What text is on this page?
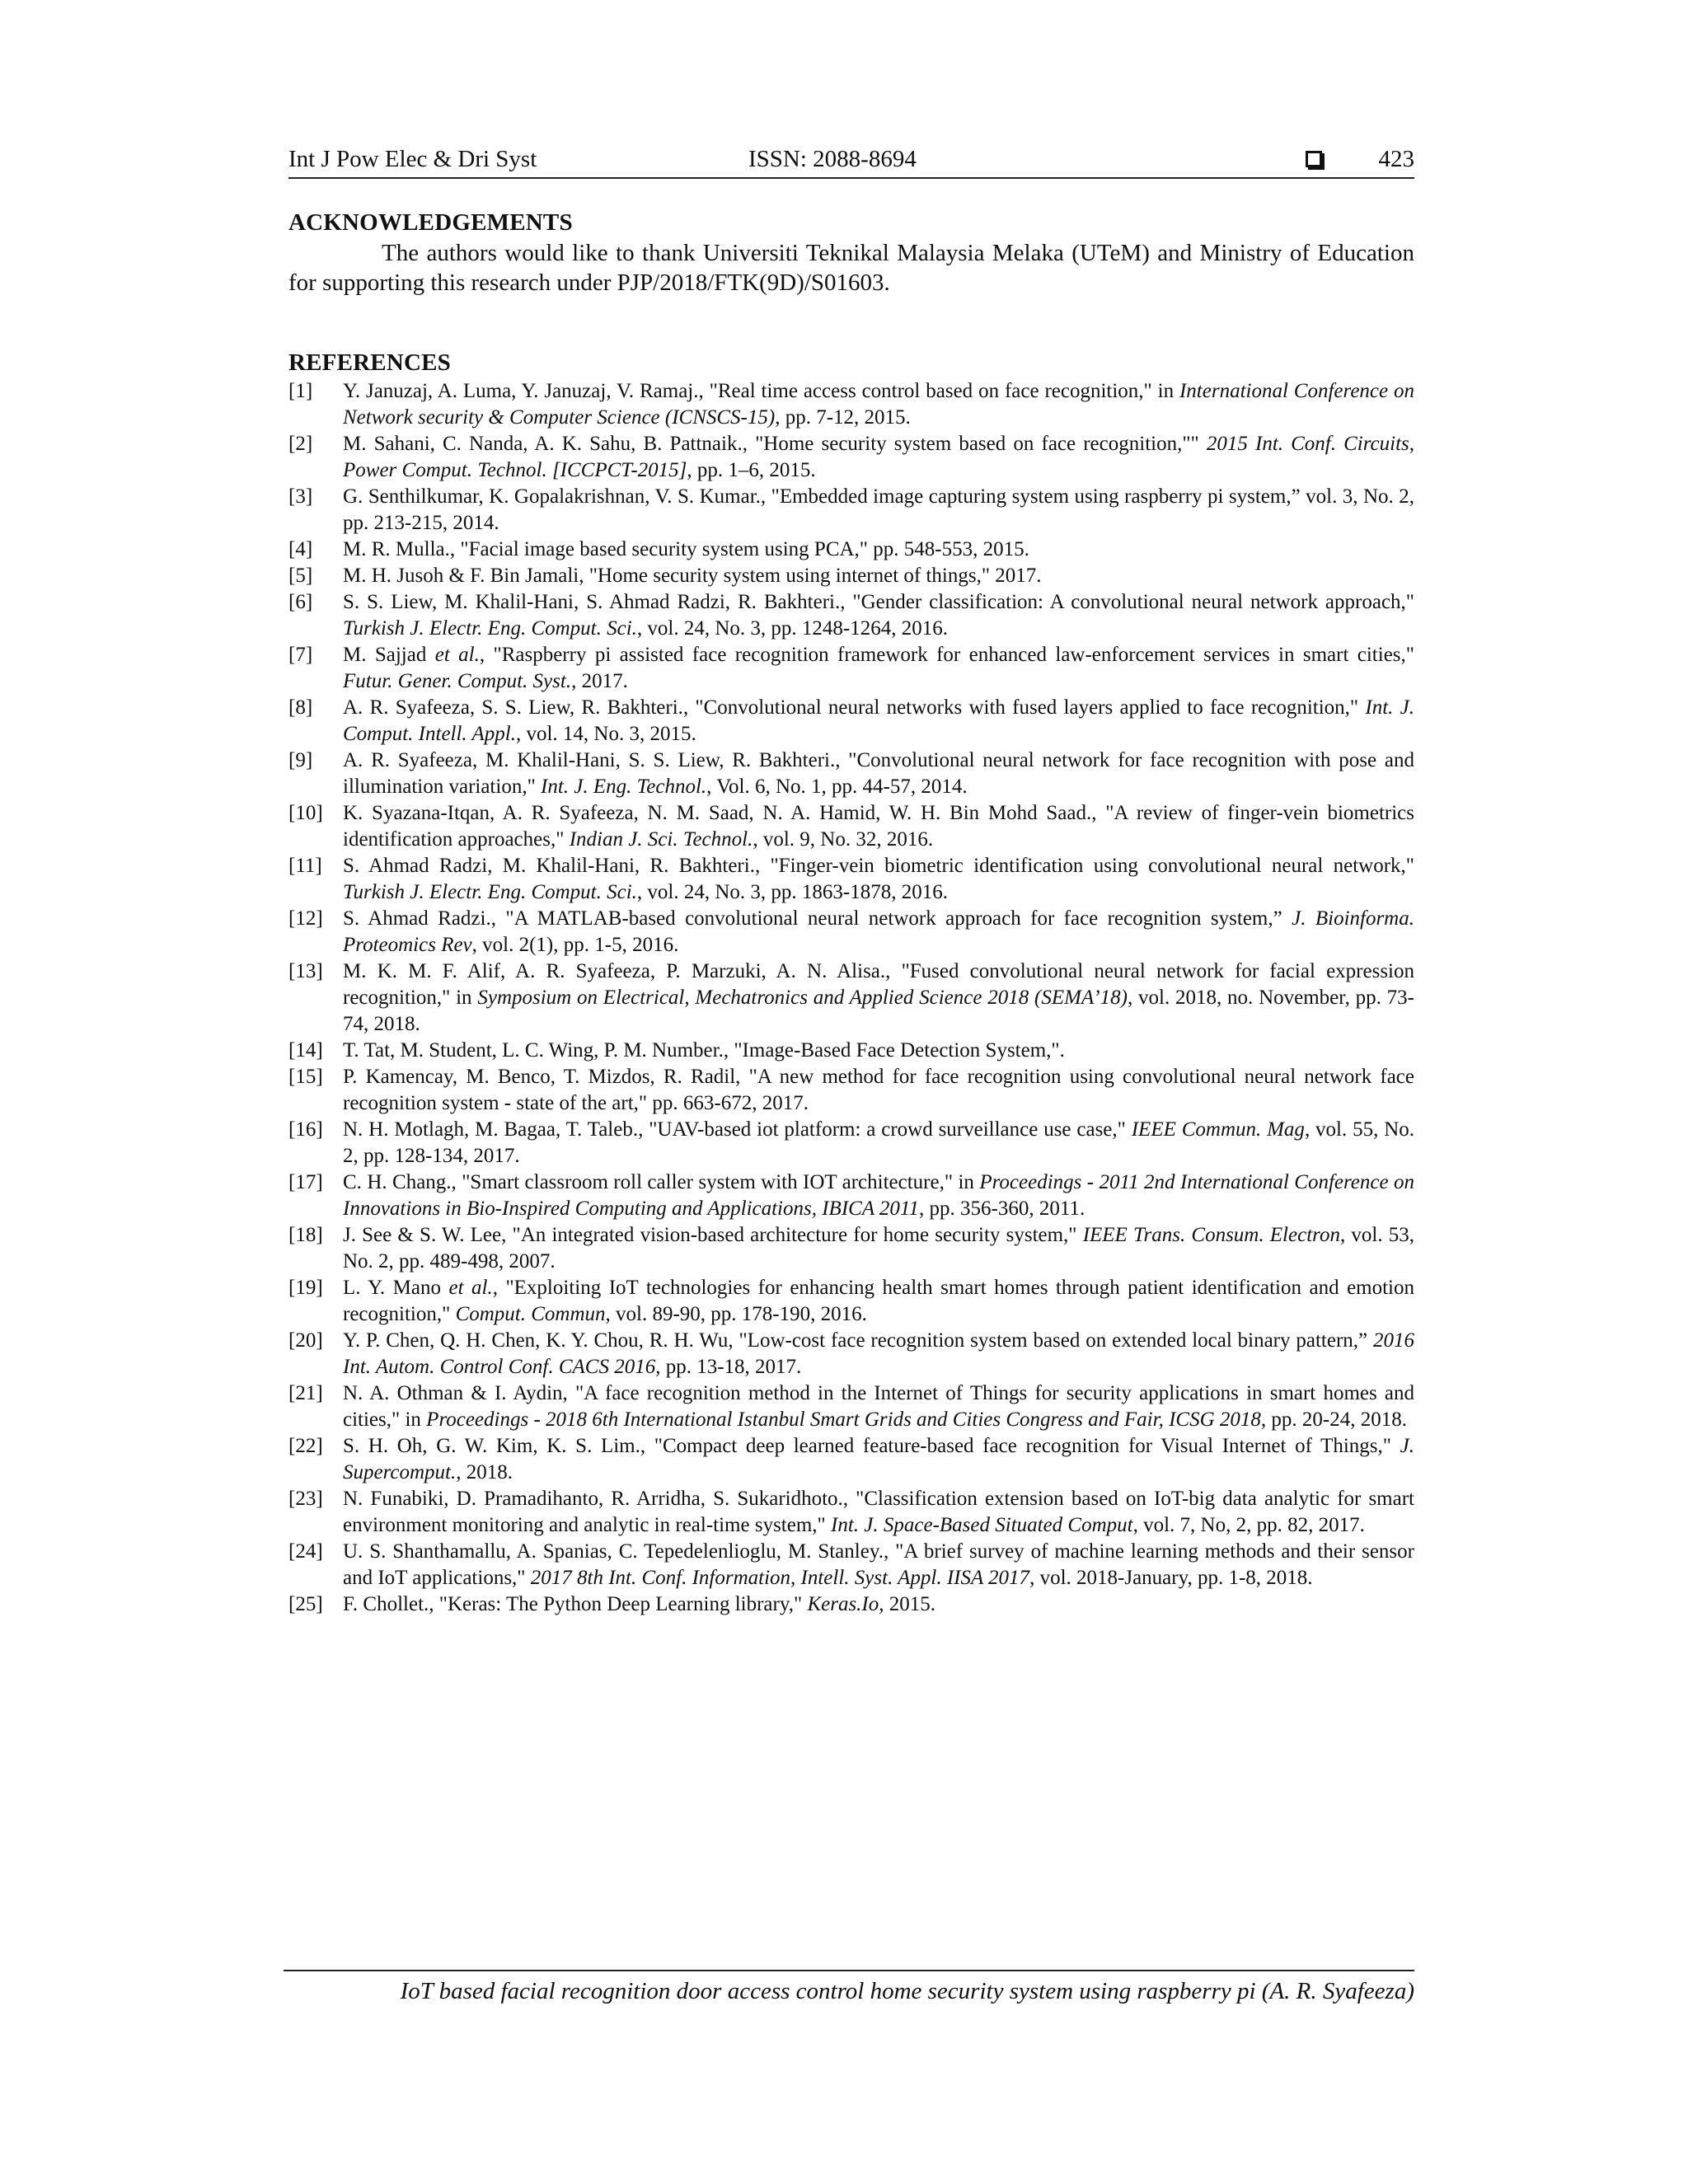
Int J Pow Elec & Dri Syst	ISSN: 2088-8694	423
ACKNOWLEDGEMENTS

The authors would like to thank Universiti Teknikal Malaysia Melaka (UTeM) and Ministry of Education for supporting this research under PJP/2018/FTK(9D)/S01603.

REFERENCES
[1] Y. Januzaj, A. Luma, Y. Januzaj, V. Ramaj., "Real time access control based on face recognition," in International Conference on Network security & Computer Science (ICNSCS-15), pp. 7-12, 2015.
[2] M. Sahani, C. Nanda, A. K. Sahu, B. Pattnaik., "Home security system based on face recognition,"" 2015 Int. Conf. Circuits, Power Comput. Technol. [ICCPCT-2015], pp. 1–6, 2015.
[3] G. Senthilkumar, K. Gopalakrishnan, V. S. Kumar., "Embedded image capturing system using raspberry pi system,” vol. 3, No. 2, pp. 213-215, 2014.
[4] M. R. Mulla., "Facial image based security system using PCA," pp. 548-553, 2015.
[5] M. H. Jusoh & F. Bin Jamali, "Home security system using internet of things," 2017.
[6] S. S. Liew, M. Khalil-Hani, S. Ahmad Radzi, R. Bakhteri., "Gender classification: A convolutional neural network approach," Turkish J. Electr. Eng. Comput. Sci., vol. 24, No. 3, pp. 1248-1264, 2016.
[7] M. Sajjad et al., "Raspberry pi assisted face recognition framework for enhanced law-enforcement services in smart cities," Futur. Gener. Comput. Syst., 2017.
[8] A. R. Syafeeza, S. S. Liew, R. Bakhteri., "Convolutional neural networks with fused layers applied to face recognition," Int. J. Comput. Intell. Appl., vol. 14, No. 3, 2015.
[9] A. R. Syafeeza, M. Khalil-Hani, S. S. Liew, R. Bakhteri., "Convolutional neural network for face recognition with pose and illumination variation," Int. J. Eng. Technol., Vol. 6, No. 1, pp. 44-57, 2014.
[10] K. Syazana-Itqan, A. R. Syafeeza, N. M. Saad, N. A. Hamid, W. H. Bin Mohd Saad., "A review of finger-vein biometrics identification approaches," Indian J. Sci. Technol., vol. 9, No. 32, 2016.
[11] S. Ahmad Radzi, M. Khalil-Hani, R. Bakhteri., "Finger-vein biometric identification using convolutional neural network," Turkish J. Electr. Eng. Comput. Sci., vol. 24, No. 3, pp. 1863-1878, 2016.
[12] S. Ahmad Radzi., "A MATLAB-based convolutional neural network approach for face recognition system,” J. Bioinforma. Proteomics Rev, vol. 2(1), pp. 1-5, 2016.
[13] M. K. M. F. Alif, A. R. Syafeeza, P. Marzuki, A. N. Alisa., "Fused convolutional neural network for facial expression recognition," in Symposium on Electrical, Mechatronics and Applied Science 2018 (SEMA’18), vol. 2018, no. November, pp. 73-74, 2018.
[14] T. Tat, M. Student, L. C. Wing, P. M. Number., "Image-Based Face Detection System,".
[15] P. Kamencay, M. Benco, T. Mizdos, R. Radil, "A new method for face recognition using convolutional neural network face recognition system - state of the art," pp. 663-672, 2017.
[16] N. H. Motlagh, M. Bagaa, T. Taleb., "UAV-based iot platform: a crowd surveillance use case," IEEE Commun. Mag, vol. 55, No. 2, pp. 128-134, 2017.
[17] C. H. Chang., "Smart classroom roll caller system with IOT architecture," in Proceedings - 2011 2nd International Conference on Innovations in Bio-Inspired Computing and Applications, IBICA 2011, pp. 356-360, 2011.
[18] J. See & S. W. Lee, "An integrated vision-based architecture for home security system," IEEE Trans. Consum. Electron, vol. 53, No. 2, pp. 489-498, 2007.
[19] L. Y. Mano et al., "Exploiting IoT technologies for enhancing health smart homes through patient identification and emotion recognition," Comput. Commun, vol. 89-90, pp. 178-190, 2016.
[20] Y. P. Chen, Q. H. Chen, K. Y. Chou, R. H. Wu, "Low-cost face recognition system based on extended local binary pattern,” 2016 Int. Autom. Control Conf. CACS 2016, pp. 13-18, 2017.
[21] N. A. Othman & I. Aydin, "A face recognition method in the Internet of Things for security applications in smart homes and cities," in Proceedings - 2018 6th International Istanbul Smart Grids and Cities Congress and Fair, ICSG 2018, pp. 20-24, 2018.
[22] S. H. Oh, G. W. Kim, K. S. Lim., "Compact deep learned feature-based face recognition for Visual Internet of Things," J. Supercomput., 2018.
[23] N. Funabiki, D. Pramadihanto, R. Arridha, S. Sukaridhoto., "Classification extension based on IoT-big data analytic for smart environment monitoring and analytic in real-time system," Int. J. Space-Based Situated Comput, vol. 7, No, 2, pp. 82, 2017.
[24] U. S. Shanthamallu, A. Spanias, C. Tepedelenlioglu, M. Stanley., "A brief survey of machine learning methods and their sensor and IoT applications," 2017 8th Int. Conf. Information, Intell. Syst. Appl. IISA 2017, vol. 2018-January, pp. 1-8, 2018.
[25] F. Chollet., "Keras: The Python Deep Learning library," Keras.Io, 2015.
IoT based facial recognition door access control home security system using raspberry pi (A. R. Syafeeza)
